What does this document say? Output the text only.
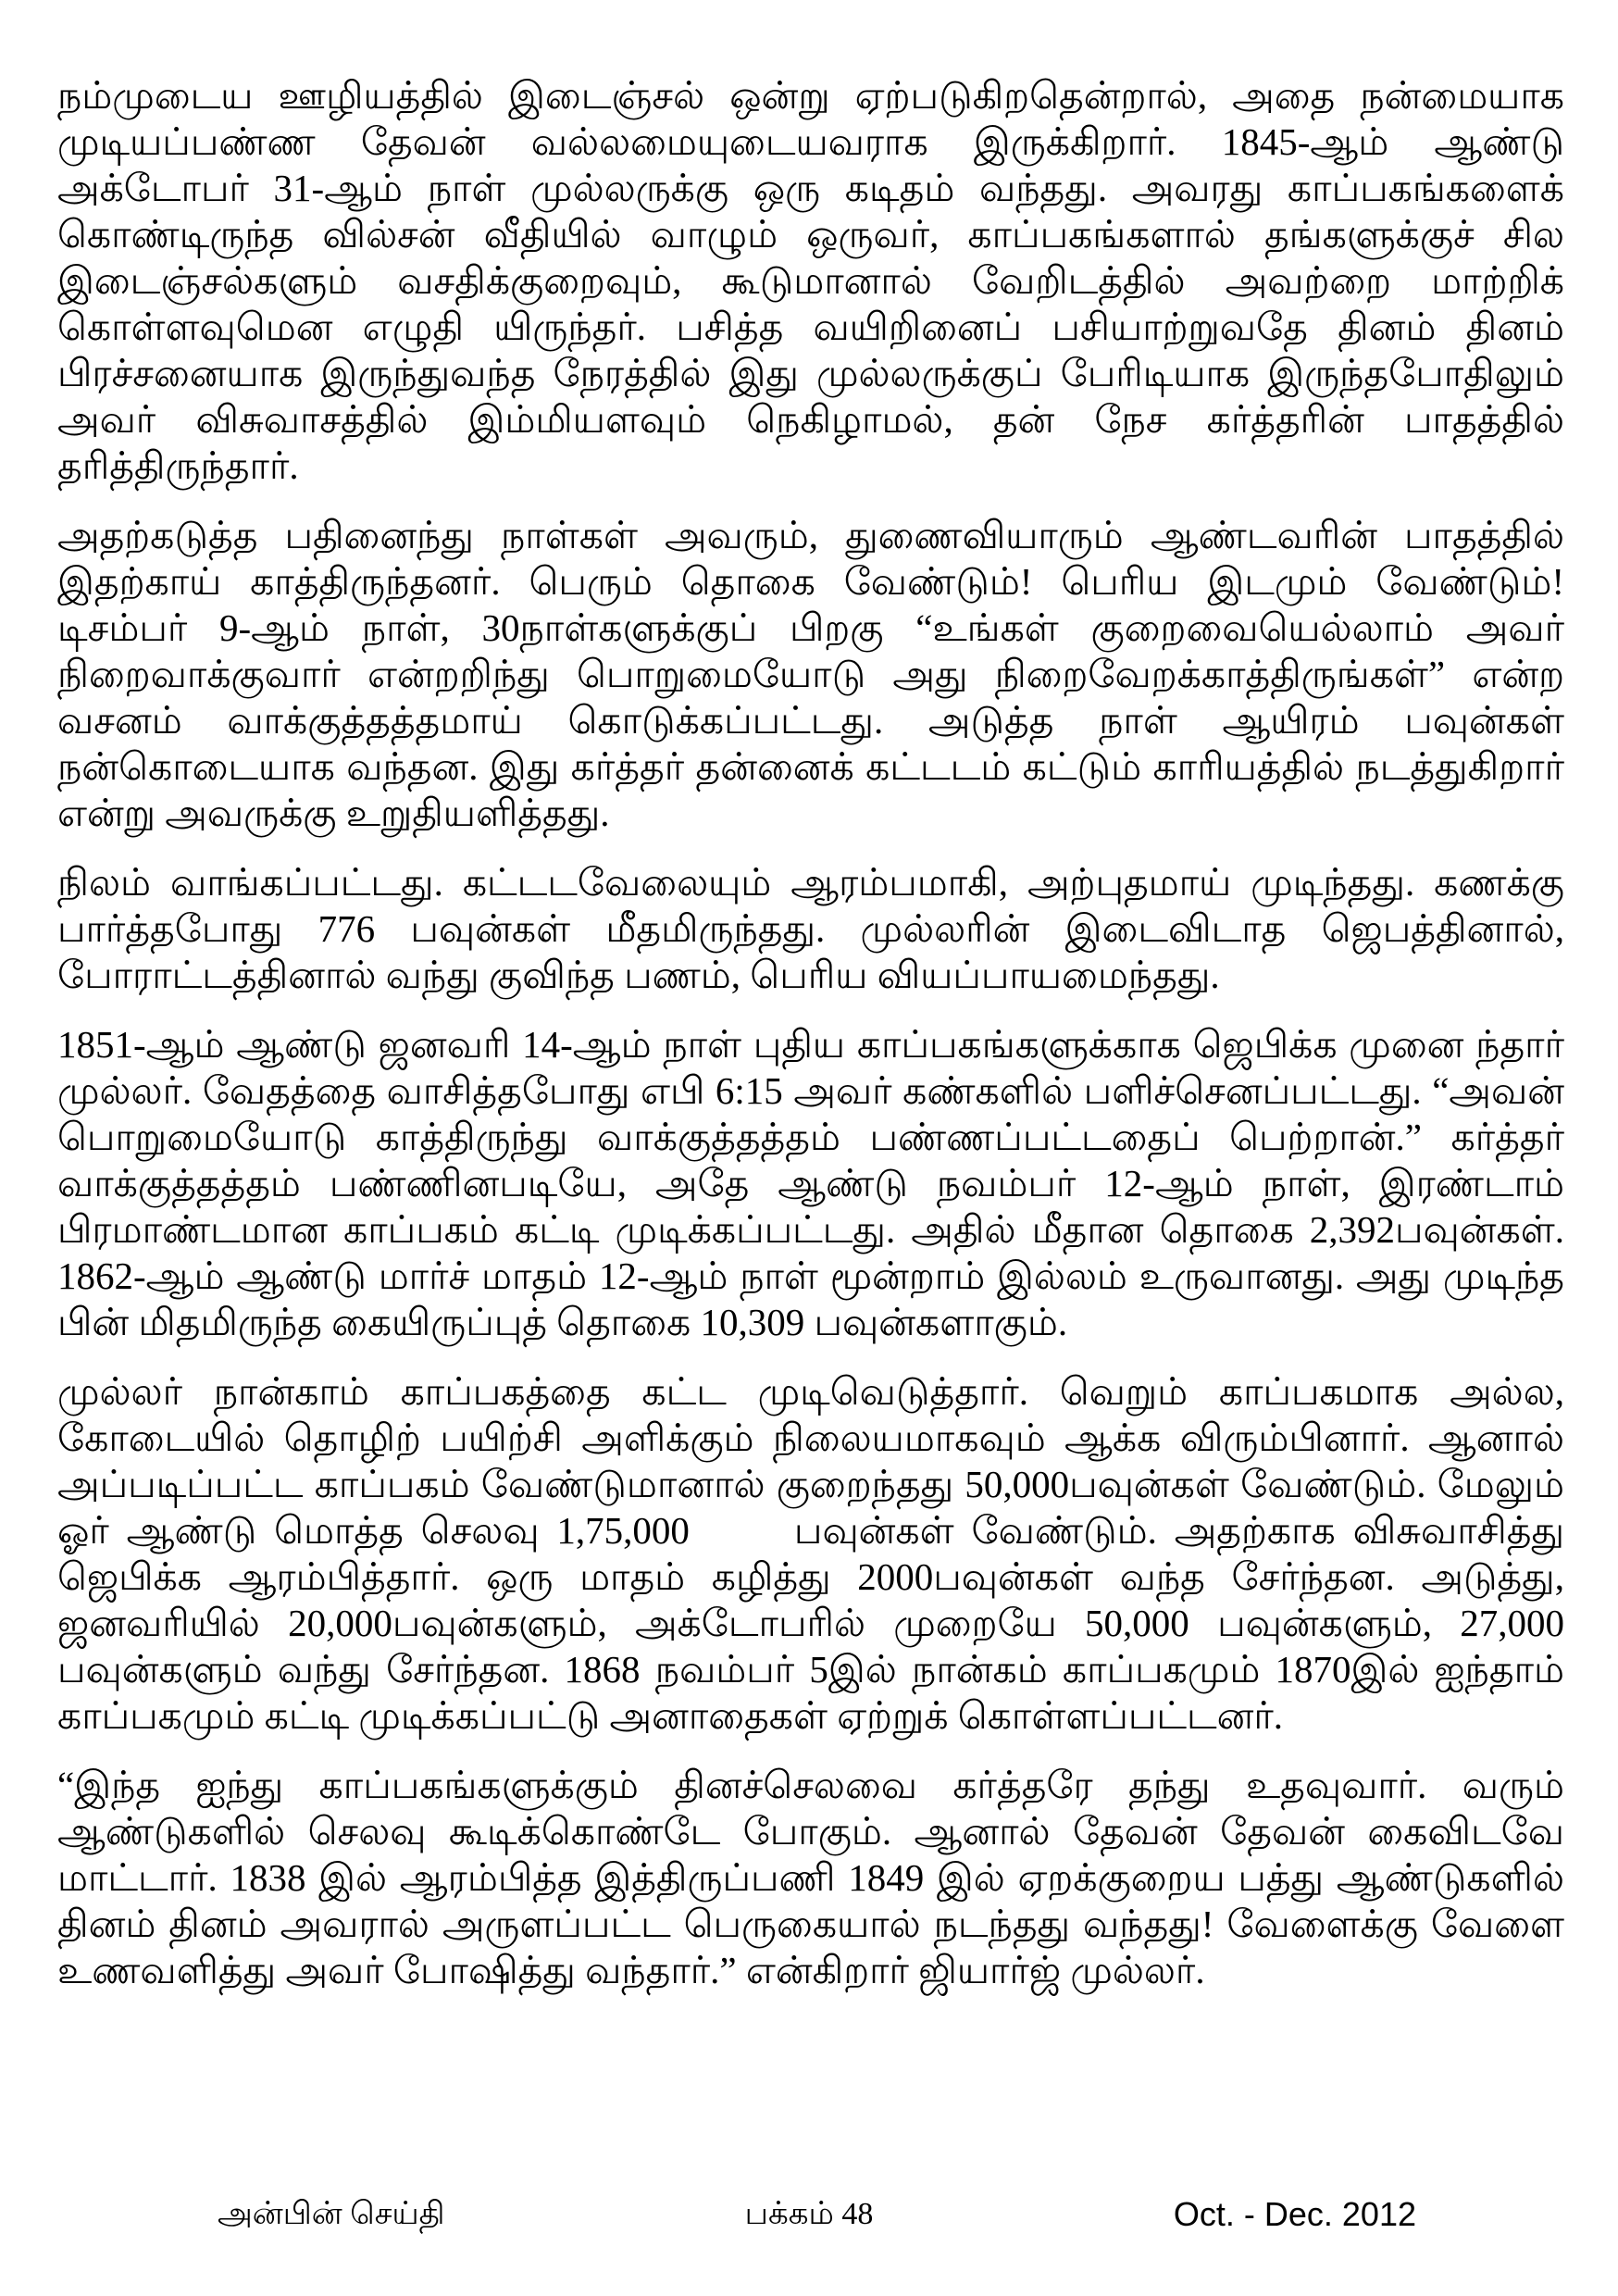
நம்முடைய ஊழியத்தில் இடைஞ்சல் ஒன்று ஏற்படுகிறதென்றால், அதை நன்மையாக முடியப்பண்ண தேவன் வல்லமையுடையவராக இருக்கிறார். 1845-ஆம் ஆண்டு அக்டோபர் 31-ஆம் நாள் முல்லருக்கு ஒரு கடிதம் வந்தது. அவரது காப்பகங்களைக் கொண்டிருந்த வில்சன் வீதியில் வாழும் ஒருவர், காப்பகங்களால் தங்களுக்குச் சில இடைஞ்சல்களும் வசதிக்குறைவும், கூடுமானால் வேறிடத்தில் அவற்றை மாற்றிக் கொள்ளவுமென எழுதி யிருந்தர். பசித்த வயிறினைப் பசியாற்றுவதே தினம் தினம் பிரச்சனையாக இருந்துவந்த நேரத்தில் இது முல்லருக்குப் பேரிடியாக இருந்தபோதிலும் அவர் விசுவாசத்தில் இம்மியளவும் நெகிழாமல், தன் நேச கர்த்தரின் பாதத்தில் தரித்திருந்தார்.

அதற்கடுத்த பதினைந்து நாள்கள் அவரும், துணைவியாரும் ஆண்டவரின் பாதத்தில் இதற்காய் காத்திருந்தனர். பெரும் தொகை வேண்டும்! பெரிய இடமும் வேண்டும்! டிசம்பர் 9-ஆம் நாள், 30நாள்களுக்குப் பிறகு “உங்கள் குறைவையெல்லாம் அவர் நிறைவாக்குவார் என்றறிந்து பொறுமையோடு அது நிறைவேறக்காத்திருங்கள்” என்ற வசனம் வாக்குத்தத்தமாய் கொடுக்கப்பட்டது. அடுத்த நாள் ஆயிரம் பவுன்கள் நன்கொடையாக வந்தன. இது கர்த்தர் தன்னைக் கட்டடம் கட்டும் காரியத்தில் நடத்துகிறார் என்று அவருக்கு உறுதியளித்தது.

நிலம் வாங்கப்பட்டது. கட்டடவேலையும் ஆரம்பமாகி, அற்புதமாய் முடிந்தது. கணக்கு பார்த்தபோது 776 பவுன்கள் மீதமிருந்தது. முல்லரின் இடைவிடாத ஜெபத்தினால், போராட்டத்தினால் வந்து குவிந்த பணம், பெரிய வியப்பாயமைந்தது.

1851-ஆம் ஆண்டு ஜனவரி 14-ஆம் நாள் புதிய காப்பகங்களுக்காக ஜெபிக்க முனை ந்தார் முல்லர். வேதத்தை வாசித்தபோது எபி 6:15 அவர் கண்களில் பளிச்செனப்பட்டது. “அவன் பொறுமையோடு காத்திருந்து வாக்குத்தத்தம் பண்ணப்பட்டதைப் பெற்றான்.” கர்த்தர் வாக்குத்தத்தம் பண்ணினபடியே, அதே ஆண்டு நவம்பர் 12-ஆம் நாள், இரண்டாம் பிரமாண்டமான காப்பகம் கட்டி முடிக்கப்பட்டது. அதில் மீதான தொகை 2,392பவுன்கள். 1862-ஆம் ஆண்டு மார்ச் மாதம் 12-ஆம் நாள் மூன்றாம் இல்லம் உருவானது. அது முடிந்த பின் மிதமிருந்த கையிருப்புத் தொகை 10,309 பவுன்களாகும்.

முல்லர் நான்காம் காப்பகத்தை கட்ட முடிவெடுத்தார். வெறும் காப்பகமாக அல்ல, கோடையில் தொழிற் பயிற்சி அளிக்கும் நிலையமாகவும் ஆக்க விரும்பினார். ஆனால் அப்படிப்பட்ட காப்பகம் வேண்டுமானால் குறைந்தது 50,000பவுன்கள் வேண்டும். மேலும் ஓர் ஆண்டு மொத்த செலவு 1,75,000      பவுன்கள் வேண்டும். அதற்காக விசுவாசித்து ஜெபிக்க ஆரம்பித்தார். ஒரு மாதம் கழித்து 2000பவுன்கள் வந்த சேர்ந்தன. அடுத்து, ஜனவரியில் 20,000பவுன்களும், அக்டோபரில் முறையே 50,000 பவுன்களும், 27,000 பவுன்களும் வந்து சேர்ந்தன. 1868 நவம்பர் 5இல் நான்கம் காப்பகமும் 1870இல் ஐந்தாம் காப்பகமும் கட்டி முடிக்கப்பட்டு அனாதைகள் ஏற்றுக் கொள்ளப்பட்டனர்.

“இந்த ஐந்து காப்பகங்களுக்கும் தினச்செலவை கர்த்தரே தந்து உதவுவார். வரும் ஆண்டுகளில் செலவு கூடிக்கொண்டே போகும். ஆனால் தேவன் தேவன் கைவிடவே மாட்டார். 1838 இல் ஆரம்பித்த இத்திருப்பணி 1849 இல் ஏறக்குறைய பத்து ஆண்டுகளில் தினம் தினம் அவரால் அருளப்பட்ட பெருகையால் நடந்தது வந்தது! வேளைக்கு வேளை உணவளித்து அவர் போஷித்து வந்தார்.” என்கிறார் ஜியார்ஜ் முல்லர்.

அன்பின் செய்தி	பக்கம் 48	Oct. - Dec. 2012
